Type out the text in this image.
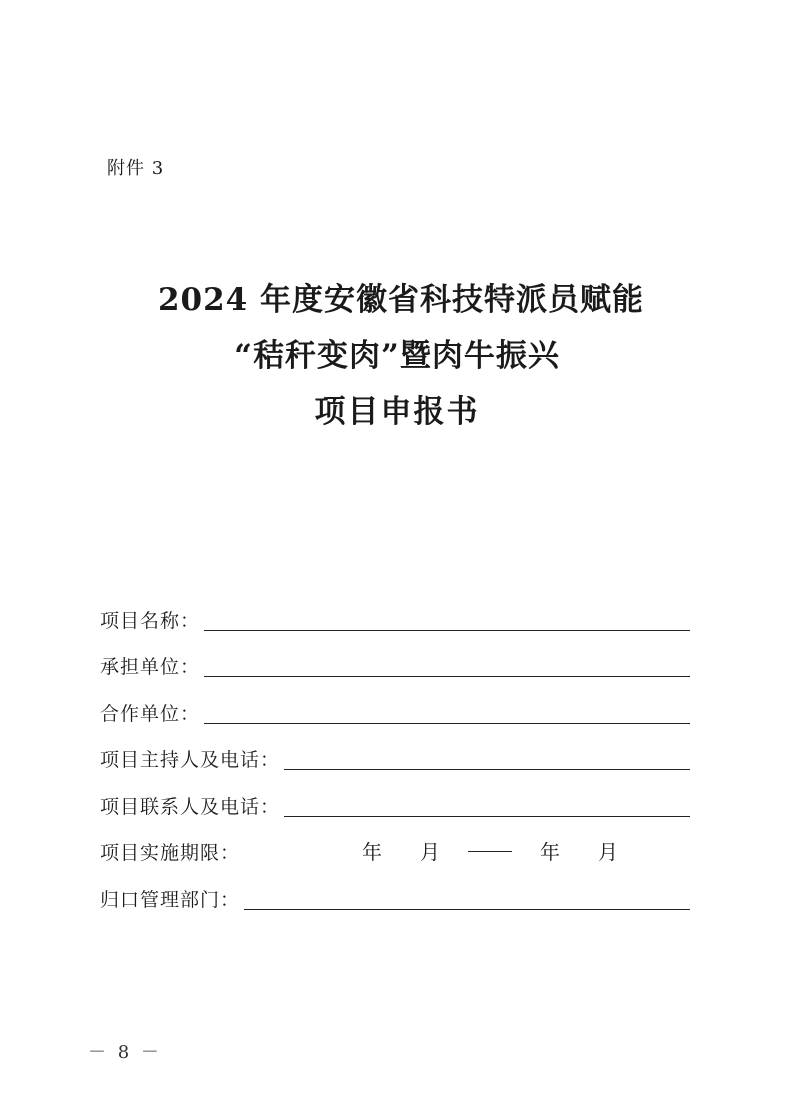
附件 3
2024 年度安徽省科技特派员赋能
“秸秆变肉”暨肉牛振兴
项目申报书
项目名称：
承担单位：
合作单位：
项目主持人及电话：
项目联系人及电话：
项目实施期限：	年 月	年 月
归口管理部门：
－ 8 －
